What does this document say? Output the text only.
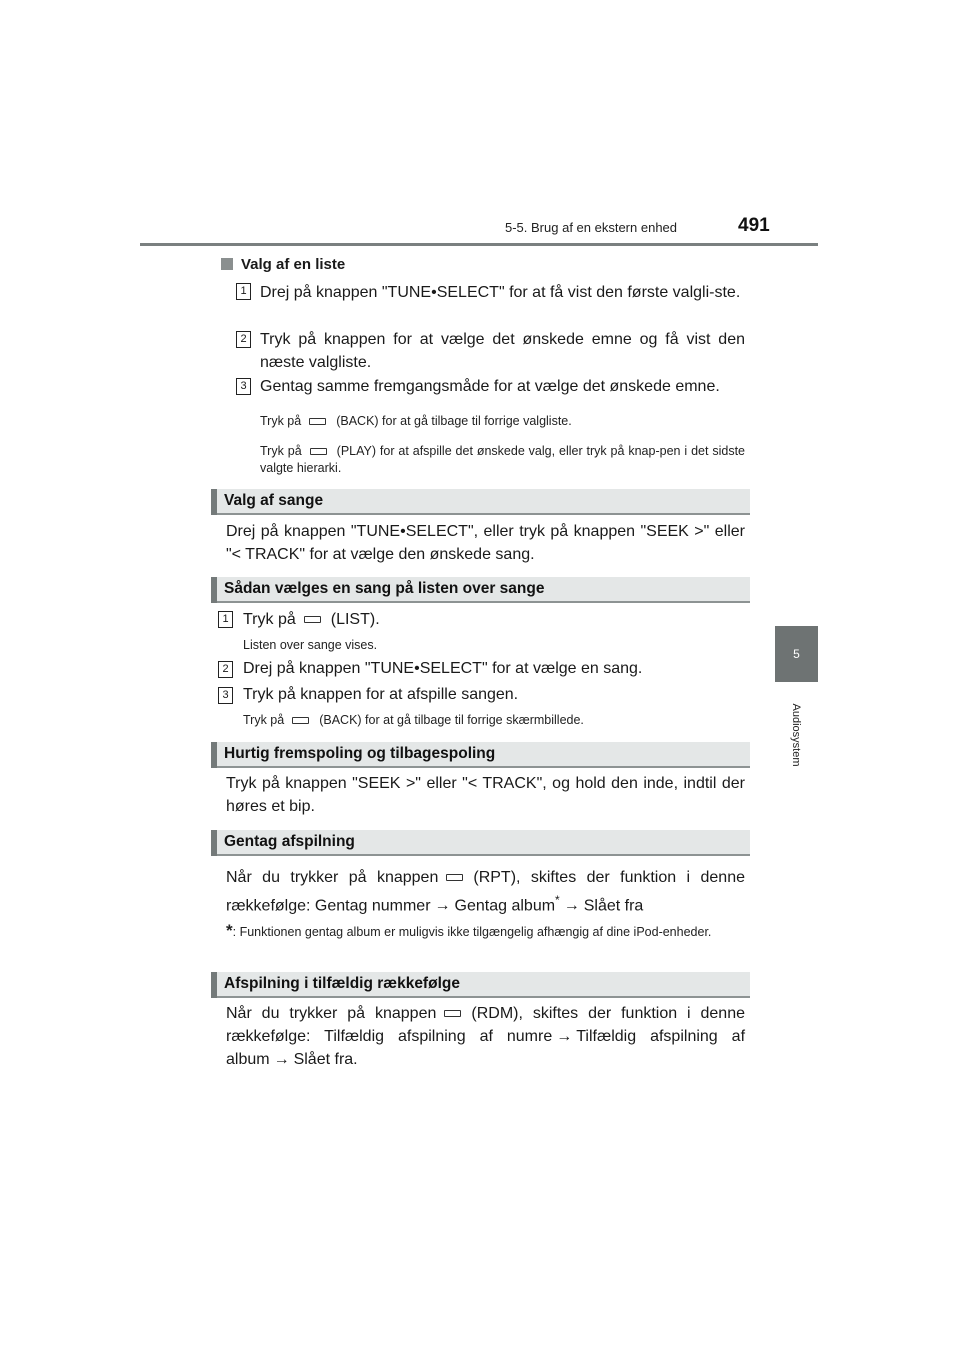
5-5. Brug af en ekstern enhed	491
5
Audiosystem
Valg af en liste
1 Drej på knappen "TUNE•SELECT" for at få vist den første valgli-ste.
2 Tryk på knappen for at vælge det ønskede emne og få vist den næste valgliste.
3 Gentag samme fremgangsmåde for at vælge det ønskede emne.
Tryk på	(BACK) for at gå tilbage til forrige valgliste.
Tryk på	(PLAY) for at afspille det ønskede valg, eller tryk på knap-pen i det sidste valgte hierarki.
Valg af sange
Drej på knappen "TUNE•SELECT", eller tryk på knappen "SEEK >" eller "< TRACK" for at vælge den ønskede sang.
Sådan vælges en sang på listen over sange
1 Tryk på (LIST).
Listen over sange vises.
2 Drej på knappen "TUNE•SELECT" for at vælge en sang.
3 Tryk på knappen for at afspille sangen.
Tryk på	(BACK) for at gå tilbage til forrige skærmbillede.
Hurtig fremspoling og tilbagespoling
Tryk på knappen "SEEK >" eller "< TRACK", og hold den inde, indtil der høres et bip.
Gentag afspilning
Når du trykker på knappen (RPT), skiftes der funktion i denne
rækkefølge: Gentag nummer → Gentag album* → Slået fra
*: Funktionen gentag album er muligvis ikke tilgængelig afhængig af dine iPod-enheder.
Afspilning i tilfældig rækkefølge
Når du trykker på knappen (RDM), skiftes der funktion i denne
rækkefølge: Tilfældig afspilning af numre → Tilfældig afspilning af
album → Slået fra.
